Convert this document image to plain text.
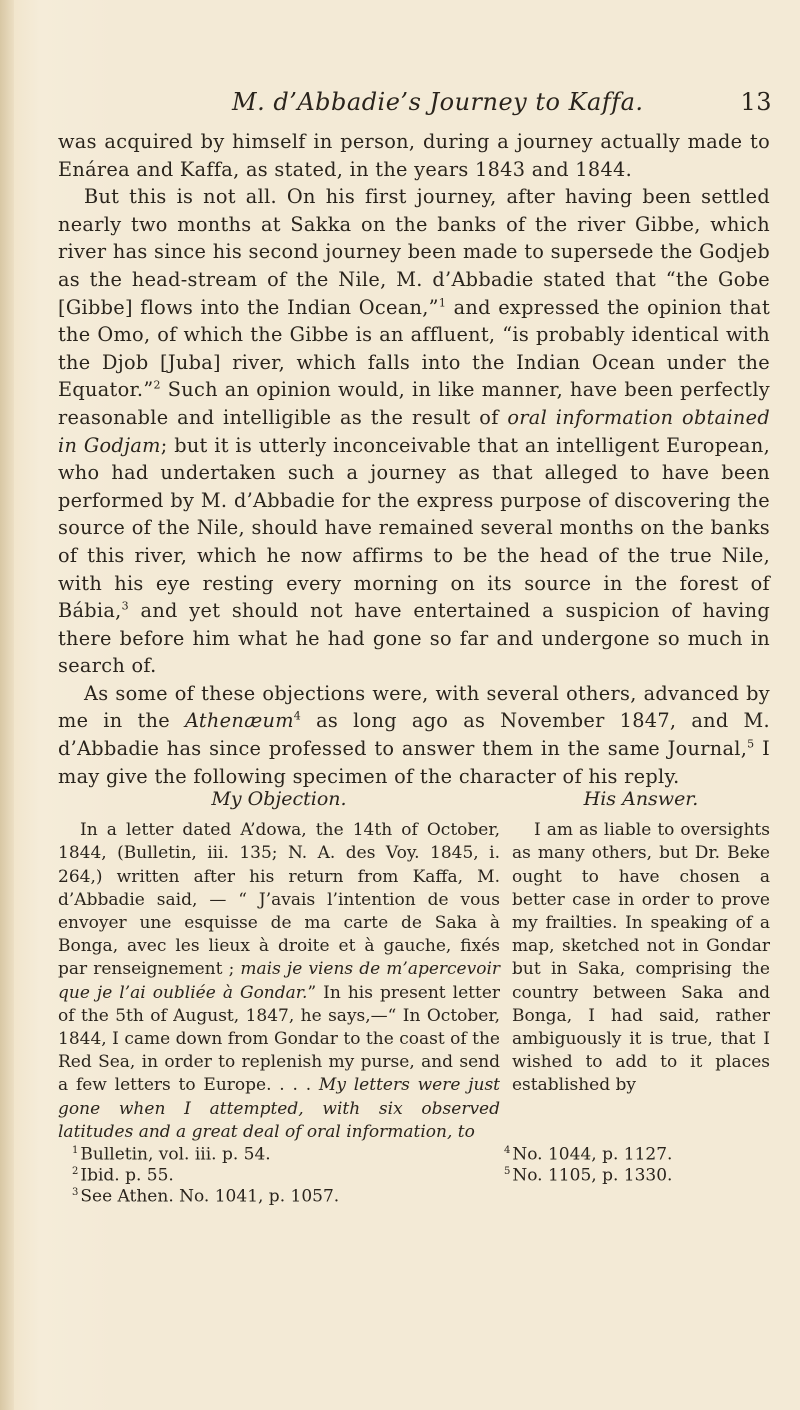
M. d’Abbadie’s Journey to Kaffa.	13

was acquired by himself in person, during a journey actually made to Enárea and Kaffa, as stated, in the years 1843 and 1844.

But this is not all. On his first journey, after having been settled nearly two months at Sakka on the banks of the river Gibbe, which river has since his second journey been made to supersede the Godjeb as the head-stream of the Nile, M. d’Abbadie stated that “the Gobe [Gibbe] flows into the Indian Ocean,”$^1$ and expressed the opinion that the Omo, of which the Gibbe is an affluent, “is probably identical with the Djob [Juba] river, which falls into the Indian Ocean under the Equator.”$^2$ Such an opinion would, in like manner, have been perfectly reasonable and intelligible as the result of oral information obtained in Godjam; but it is utterly inconceivable that an intelligent European, who had undertaken such a journey as that alleged to have been performed by M. d’Abbadie for the express purpose of discovering the source of the Nile, should have remained several months on the banks of this river, which he now affirms to be the head of the true Nile, with his eye resting every morning on its source in the forest of Bábia,$^3$ and yet should not have entertained a suspicion of having there before him what he had gone so far and undergone so much in search of.

As some of these objections were, with several others, advanced by me in the Athenæum$^4$ as long ago as November 1847, and M. d’Abbadie has since professed to answer them in the same Journal,$^5$ I may give the following specimen of the character of his reply.

My Objection.
In a letter dated A’dowa, the 14th of October, 1844, (Bulletin, iii. 135; N. A. des Voy. 1845, i. 264,) written after his return from Kaffa, M. d’Abbadie said, — “ J’avais l’intention de vous envoyer une esquisse de ma carte de Saka à Bonga, avec les lieux à droite et à gauche, fixés par renseignement ; mais je viens de m’apercevoir que je l’ai oubliée à Gondar.” In his present letter of the 5th of August, 1847, he says,—“ In October, 1844, I came down from Gondar to the coast of the Red Sea, in order to replenish my purse, and send a few letters to Europe. . . . My letters were just gone when I attempted, with six observed latitudes and a great deal of oral information, to
His Answer.
I am as liable to oversights as many others, but Dr. Beke ought to have chosen a better case in order to prove my frailties. In speaking of a map, sketched not in Gondar but in Saka, comprising the country between Saka and Bonga, I had said, rather ambiguously it is true, that I wished to add to it places established by
$^1$ Bulletin, vol. iii. p. 54.	$^4$ No. 1044, p. 1127.
$^2$ Ibid. p. 55.	$^5$ No. 1105, p. 1330.
$^3$ See Athen. No. 1041, p. 1057.
